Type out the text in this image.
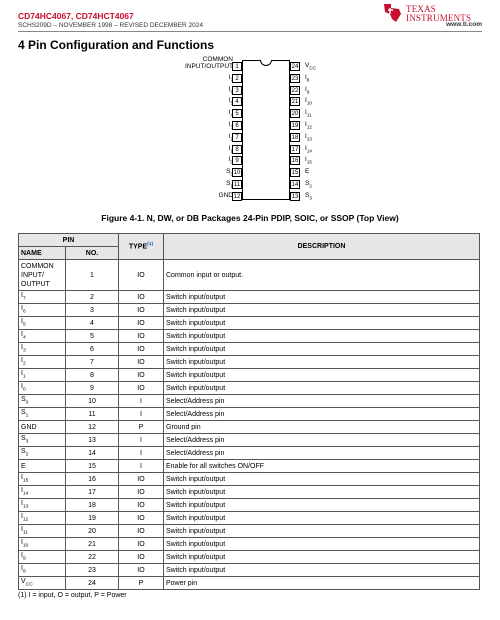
CD74HC4067, CD74HCT4067
SCHS209D – NOVEMBER 1998 – REVISED DECEMBER 2024
TEXAS
INSTRUMENTS
www.ti.com
4 Pin Configuration and Functions
1
COMMON INPUT/OUTPUT
2
$I_7$
3
$I_6$
4
$I_5$
5
$I_4$
6
$I_3$
7
$I_2$
8
$I_1$
9
$I_0$
10
$S_0$
11
$S_1$
12
GND
24 $V_{CC}$
23 $I_8$
22 $I_9$
21 $I_{10}$
20 $I_{11}$
19 $I_{12}$
18 $I_{13}$
17 $I_{14}$
16 $I_{15}$
15 E
14 $S_2$
13 $S_3$
Figure 4-1. N, DW, or DB Packages 24-Pin PDIP, SOIC, or SSOP (Top View)
PIN		TYPE$^{(1)}$	DESCRIPTION
NAME	NO.		
COMMON INPUT/ OUTPUT	1	IO	Common input or output.
$I_7$	2	IO	Switch input/output
$I_6$	3	IO	Switch input/output
$I_5$	4	IO	Switch input/output
$I_4$	5	IO	Switch input/output
$I_3$	6	IO	Switch input/output
$I_2$	7	IO	Switch input/output
$I_1$	8	IO	Switch input/output
$I_0$	9	IO	Switch input/output
$S_0$	10	I	Select/Address pin
$S_1$	11	I	Select/Address pin
GND	12	P	Ground pin
$S_3$	13	I	Select/Address pin
$S_2$	14	I	Select/Address pin
E	15	I	Enable for all switches ON/OFF
$I_{15}$	16	IO	Switch input/output
$I_{14}$	17	IO	Switch input/output
$I_{13}$	18	IO	Switch input/output
$I_{12}$	19	IO	Switch input/output
$I_{11}$	20	IO	Switch input/output
$I_{10}$	21	IO	Switch input/output
$I_9$	22	IO	Switch input/output
$I_8$	23	IO	Switch input/output
$V_{CC}$	24	P	Power pin
(1) I = input, O = output, P = Power
